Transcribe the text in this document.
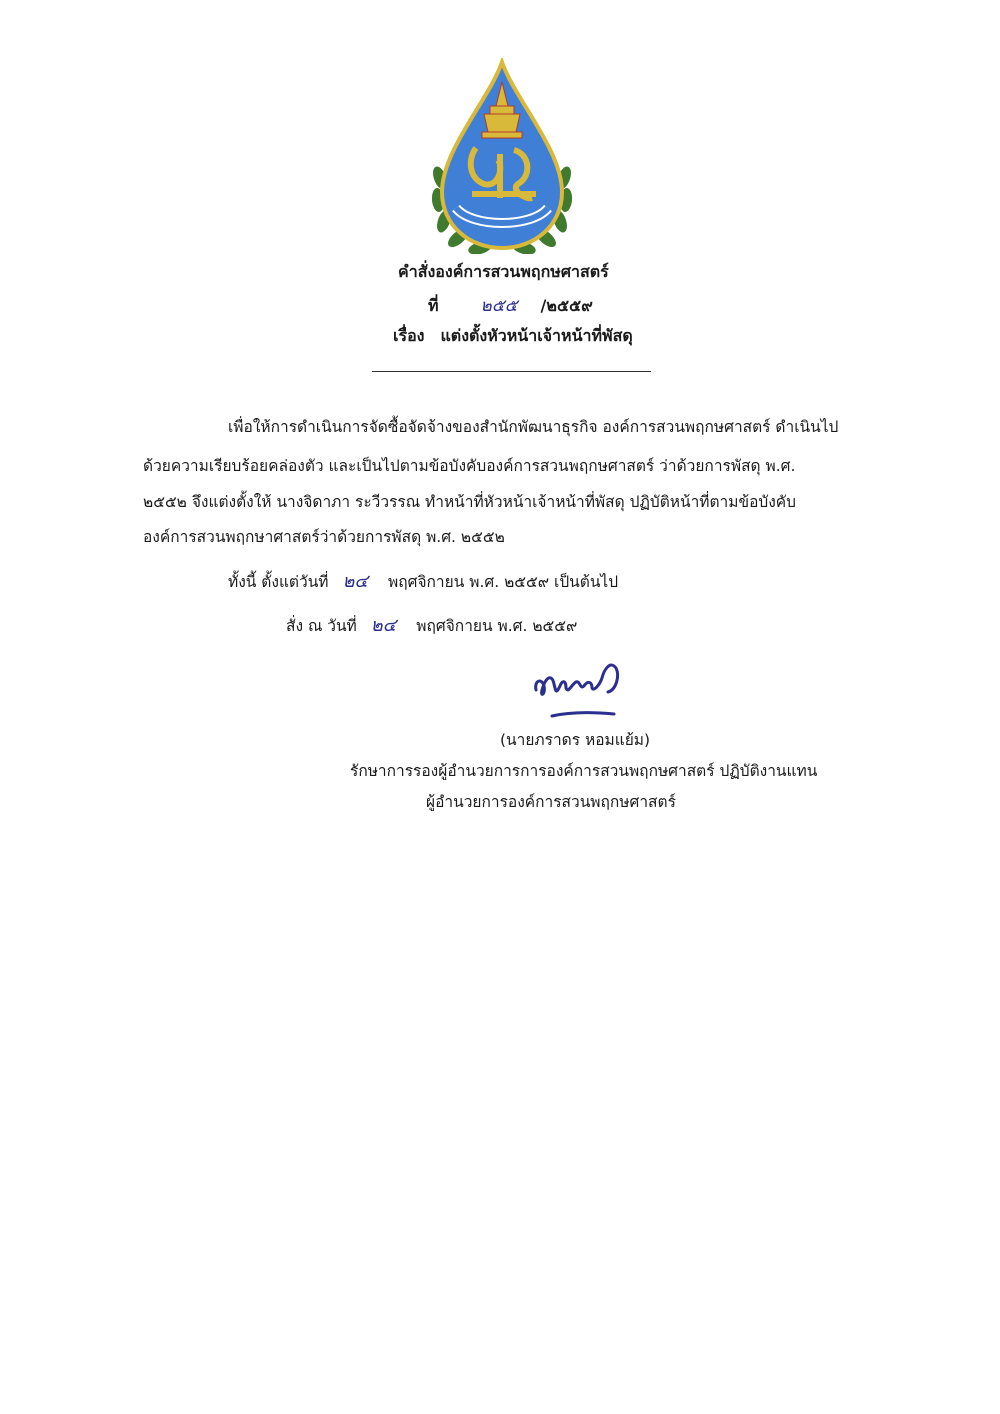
คำสั่งองค์การสวนพฤกษศาสตร์
ที่ ๒๕๕ /๒๕๕๙
เรื่อง แต่งตั้งหัวหน้าเจ้าหน้าที่พัสดุ
เพื่อให้การดำเนินการจัดซื้อจัดจ้างของสำนักพัฒนาธุรกิจ องค์การสวนพฤกษศาสตร์ ดำเนินไป
ด้วยความเรียบร้อยคล่องตัว และเป็นไปตามข้อบังคับองค์การสวนพฤกษศาสตร์ ว่าด้วยการพัสดุ พ.ศ.
๒๕๕๒ จึงแต่งตั้งให้ นางจิดาภา ระวีวรรณ ทำหน้าที่หัวหน้าเจ้าหน้าที่พัสดุ ปฏิบัติหน้าที่ตามข้อบังคับ
องค์การสวนพฤกษาศาสตร์ว่าด้วยการพัสดุ พ.ศ. ๒๕๕๒
ทั้งนี้ ตั้งแต่วันที่ ๒๔ พฤศจิกายน พ.ศ. ๒๕๕๙ เป็นต้นไป
สั่ง ณ วันที่ ๒๔ พฤศจิกายน พ.ศ. ๒๕๕๙
(นายภราดร หอมแย้ม)
รักษาการรองผู้อำนวยการการองค์การสวนพฤกษศาสตร์ ปฏิบัติงานแทน
ผู้อำนวยการองค์การสวนพฤกษศาสตร์
